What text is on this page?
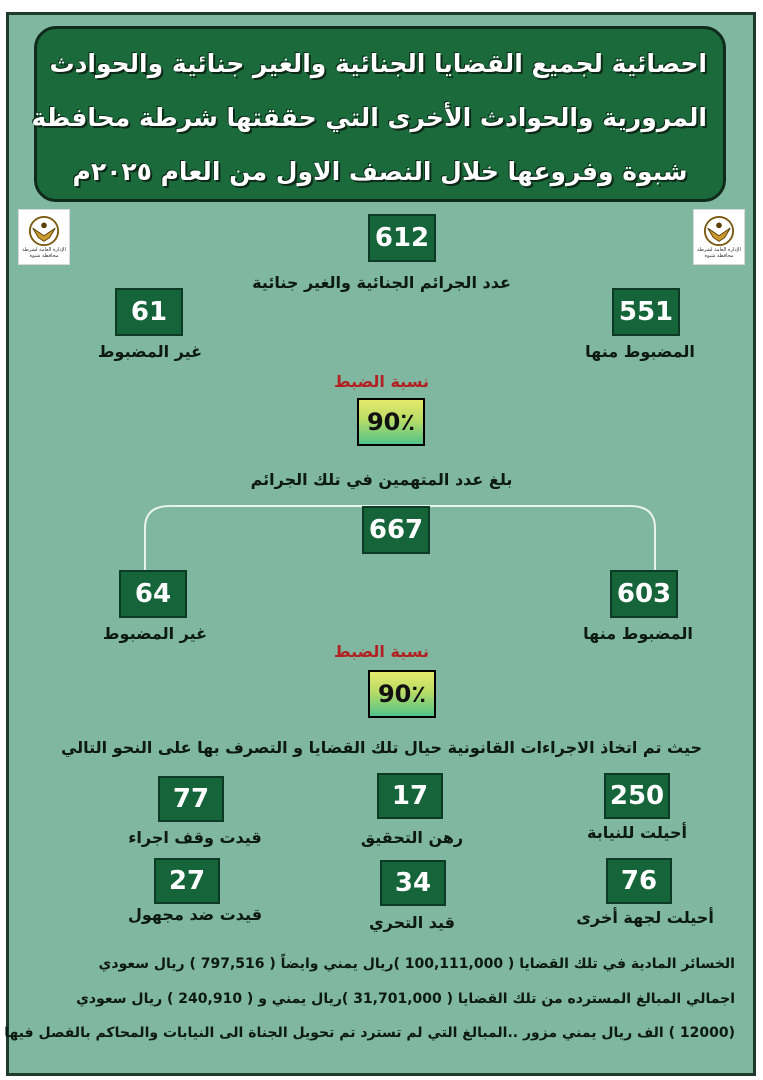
احصائية لجميع القضايا الجنائية والغير جنائية والحوادث
المرورية والحوادث الأخرى التي حققتها شرطة محافظة
شبوة وفروعها خلال النصف الاول من العام ٢٠٢٥م
الإدارة العامة لشرطة محافظة شبوة
الإدارة العامة لشرطة محافظة شبوة
612
عدد الجرائم الجنائية والغير جنائية
61
غير المضبوط
551
المضبوط منها
نسبة الضبط
90٪
بلغ عدد المتهمين في تلك الجرائم
667
64
غير المضبوط
603
المضبوط منها
نسبة الضبط
90٪
حيث تم اتخاذ الاجراءات القانونية حيال تلك القضايا و التصرف بها على النحو التالي
250
أحيلت للنيابة
17
رهن التحقيق
77
قيدت وقف اجراء
76
أحيلت لجهة أخرى
34
قيد التحري
27
قيدت ضد مجهول
الخسائر المادية في تلك القضايا ( 100,111,000 )ريال يمني وايضاً ( 797,516 ) ريال سعودي
اجمالي المبالغ المسترده من تلك القضايا ( 31,701,000 )ريال يمني و ( 240,910 ) ريال سعودي
(12000 ) الف ريال يمني مزور ..المبالغ التي لم تسترد تم تحويل الجناة الى النيابات والمحاكم بالفصل فيها
